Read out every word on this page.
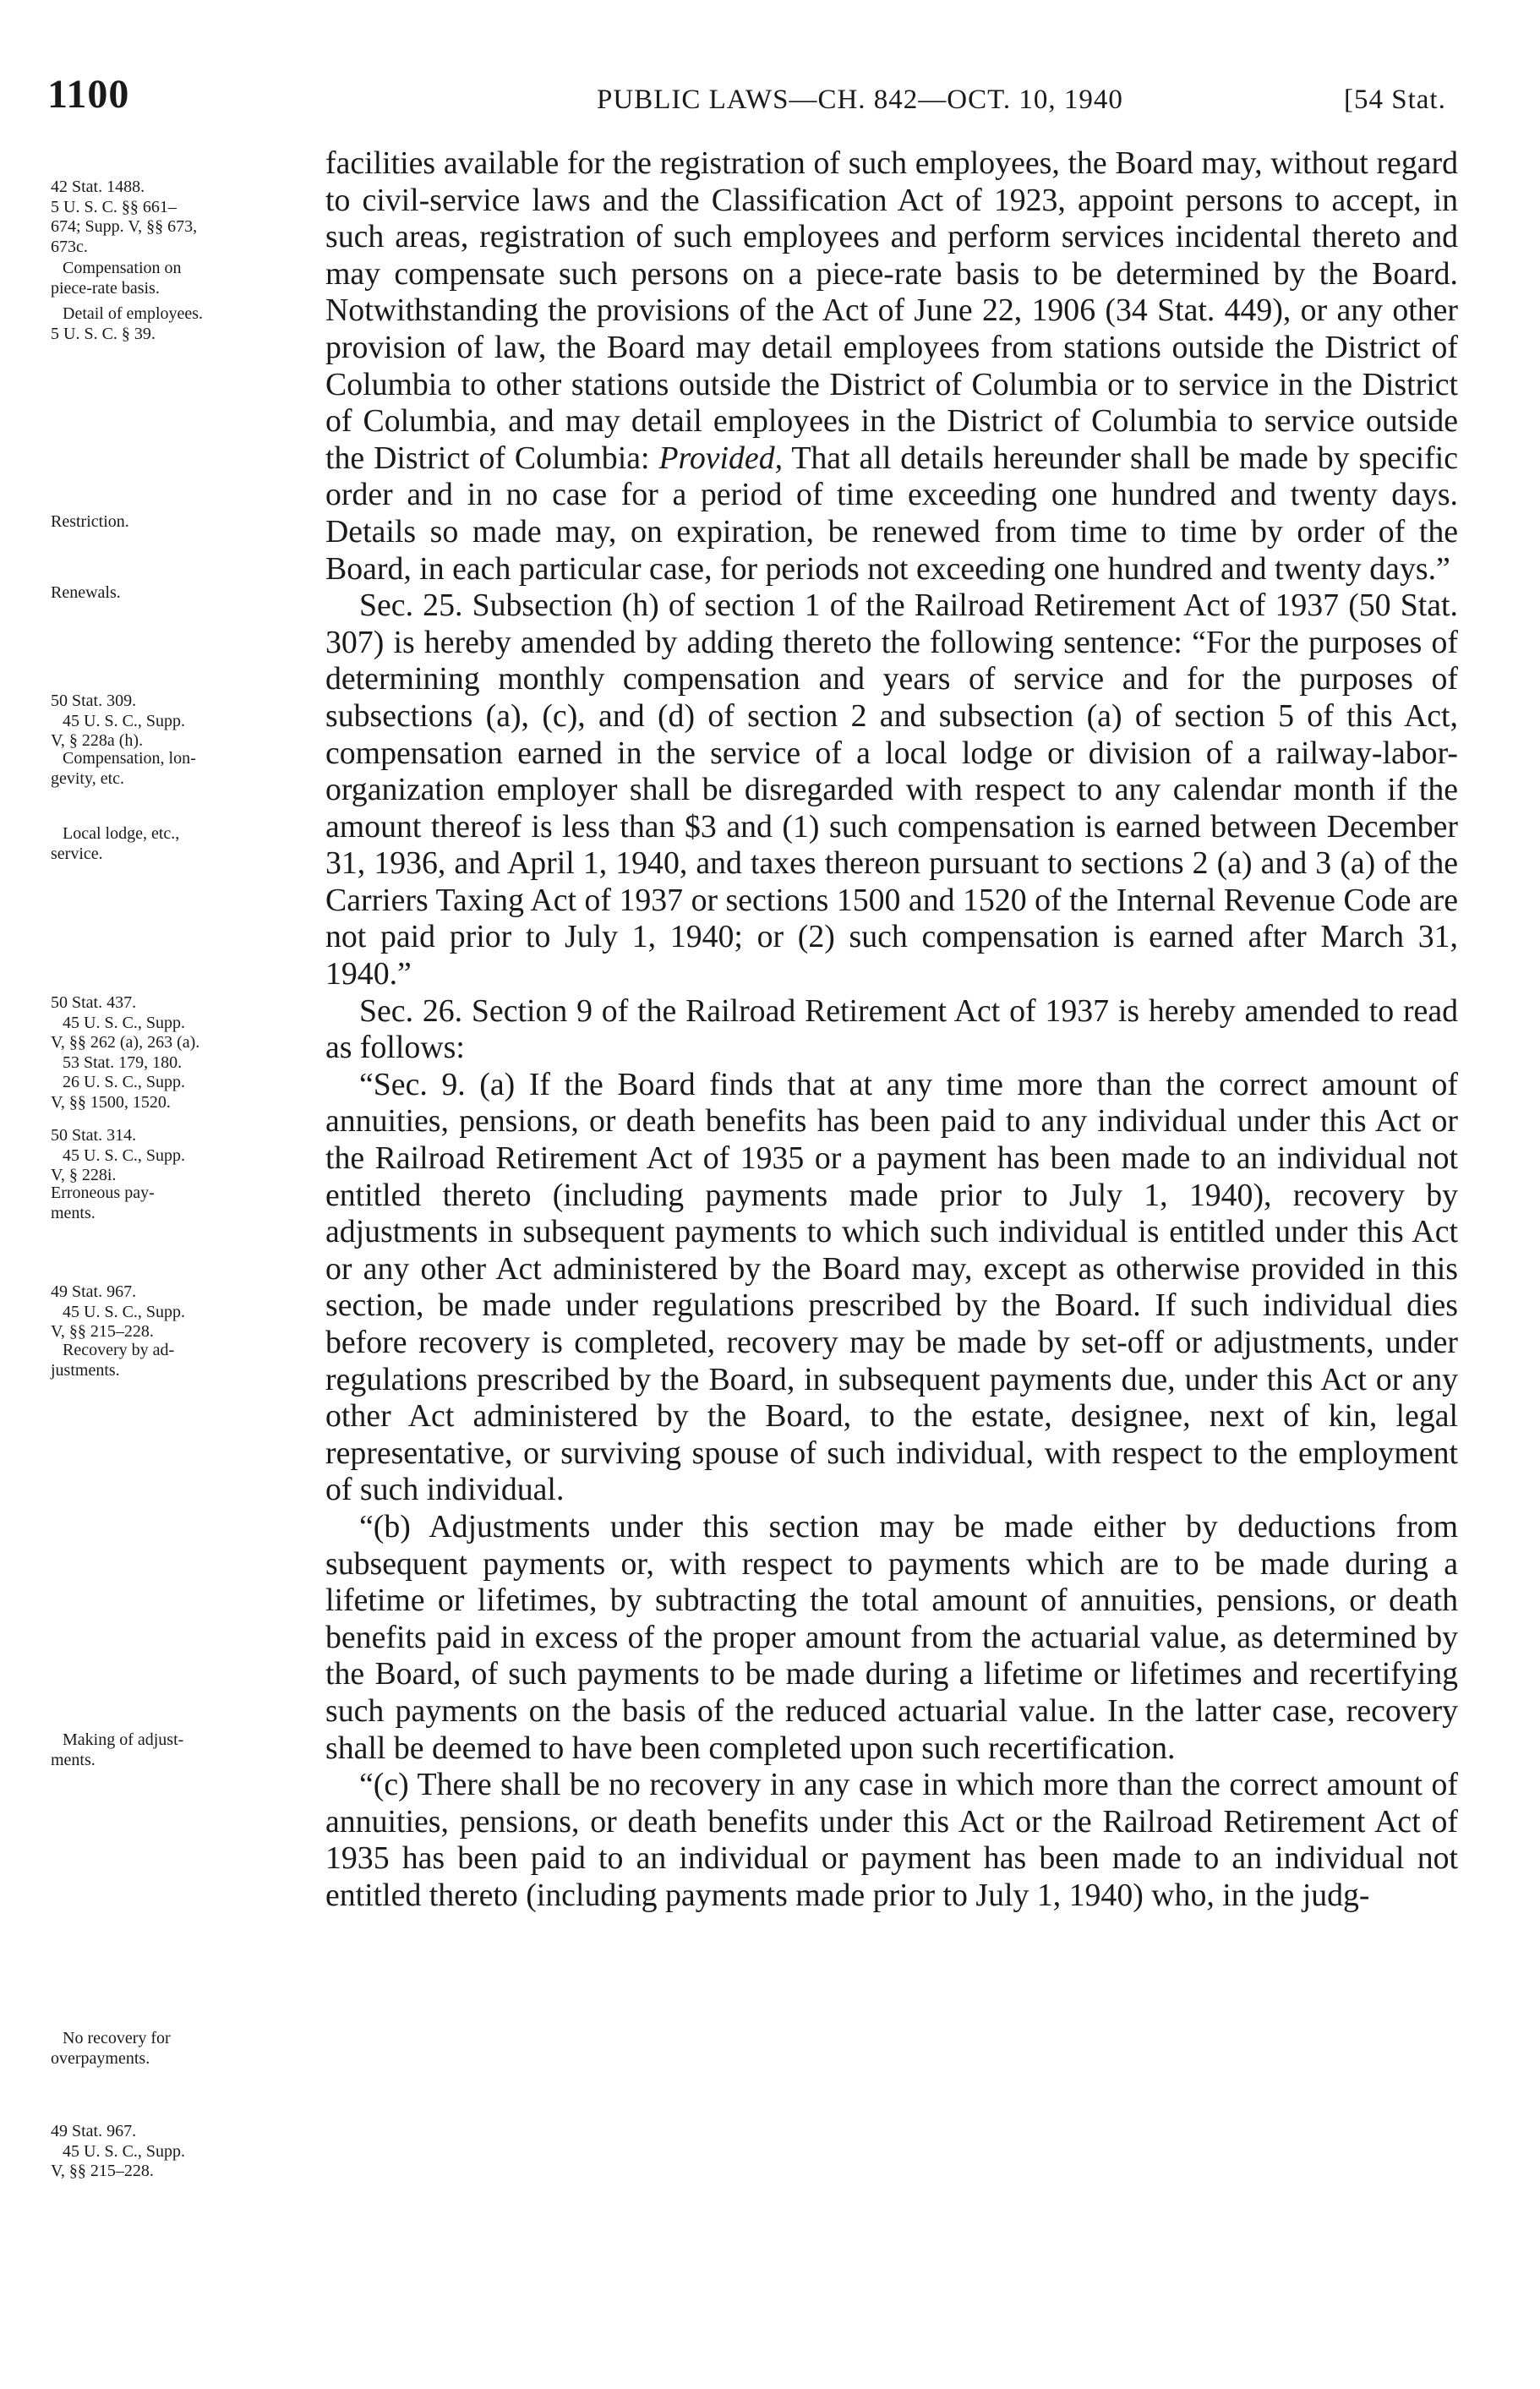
1100	PUBLIC LAWS—CH. 842—OCT. 10, 1940	[54 Stat.
42 Stat. 1488.
5 U. S. C. §§ 661–
674; Supp. V, §§ 673,
673c.
Compensation on
piece-rate basis.
Detail of employees.
5 U. S. C. § 39.
Restriction.
Renewals.
50 Stat. 309.
45 U. S. C., Supp.
V, § 228a (h).
Compensation, lon-
gevity, etc.
Local lodge, etc.,
service.
50 Stat. 437.
45 U. S. C., Supp.
V, §§ 262 (a), 263 (a).
53 Stat. 179, 180.
26 U. S. C., Supp.
V, §§ 1500, 1520.
50 Stat. 314.
45 U. S. C., Supp.
V, § 228i.
Erroneous pay-
ments.
49 Stat. 967.
45 U. S. C., Supp.
V, §§ 215–228.
Recovery by ad-
justments.
Making of adjust-
ments.
No recovery for
overpayments.
49 Stat. 967.
45 U. S. C., Supp.
V, §§ 215–228.

facilities available for the registration of such employees, the Board may, without regard to civil-service laws and the Classification Act of 1923, appoint persons to accept, in such areas, registration of such employees and perform services incidental thereto and may compensate such persons on a piece-rate basis to be determined by the Board. Notwithstanding the provisions of the Act of June 22, 1906 (34 Stat. 449), or any other provision of law, the Board may detail employees from stations outside the District of Columbia to other stations outside the District of Columbia or to service in the District of Columbia, and may detail employees in the District of Columbia to service outside the District of Columbia: Provided, That all details hereunder shall be made by specific order and in no case for a period of time exceeding one hundred and twenty days. Details so made may, on expiration, be renewed from time to time by order of the Board, in each particular case, for periods not exceeding one hundred and twenty days.”

Sec. 25. Subsection (h) of section 1 of the Railroad Retirement Act of 1937 (50 Stat. 307) is hereby amended by adding thereto the following sentence: “For the purposes of determining monthly compensation and years of service and for the purposes of subsections (a), (c), and (d) of section 2 and subsection (a) of section 5 of this Act, compensation earned in the service of a local lodge or division of a railway-labor-organization employer shall be disregarded with respect to any calendar month if the amount thereof is less than $3 and (1) such compensation is earned between December 31, 1936, and April 1, 1940, and taxes thereon pursuant to sections 2 (a) and 3 (a) of the Carriers Taxing Act of 1937 or sections 1500 and 1520 of the Internal Revenue Code are not paid prior to July 1, 1940; or (2) such compensation is earned after March 31, 1940.”

Sec. 26. Section 9 of the Railroad Retirement Act of 1937 is hereby amended to read as follows:

“Sec. 9. (a) If the Board finds that at any time more than the correct amount of annuities, pensions, or death benefits has been paid to any individual under this Act or the Railroad Retirement Act of 1935 or a payment has been made to an individual not entitled thereto (including payments made prior to July 1, 1940), recovery by adjustments in subsequent payments to which such individual is entitled under this Act or any other Act administered by the Board may, except as otherwise provided in this section, be made under regulations prescribed by the Board. If such individual dies before recovery is completed, recovery may be made by set-off or adjustments, under regulations prescribed by the Board, in subsequent payments due, under this Act or any other Act administered by the Board, to the estate, designee, next of kin, legal representative, or surviving spouse of such individual, with respect to the employment of such individual.

“(b) Adjustments under this section may be made either by deductions from subsequent payments or, with respect to payments which are to be made during a lifetime or lifetimes, by subtracting the total amount of annuities, pensions, or death benefits paid in excess of the proper amount from the actuarial value, as determined by the Board, of such payments to be made during a lifetime or lifetimes and recertifying such payments on the basis of the reduced actuarial value. In the latter case, recovery shall be deemed to have been completed upon such recertification.

“(c) There shall be no recovery in any case in which more than the correct amount of annuities, pensions, or death benefits under this Act or the Railroad Retirement Act of 1935 has been paid to an individual or payment has been made to an individual not entitled thereto (including payments made prior to July 1, 1940) who, in the judg-
